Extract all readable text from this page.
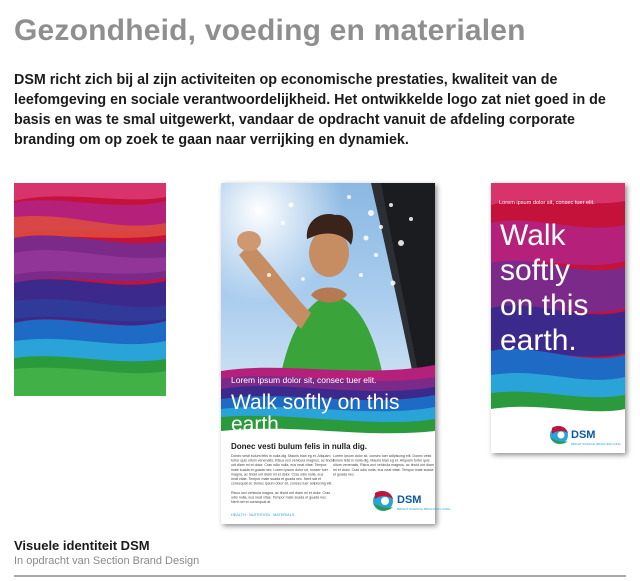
Gezondheid, voeding en materialen
DSM richt zich bij al zijn activiteiten op economische prestaties, kwaliteit van de leefomgeving en sociale verantwoordelijkheid. Het ontwikkelde logo zat niet goed in de basis en was te smal uitgewerkt, vandaar de opdracht vanuit de afdeling corporate branding om op zoek te gaan naar verrijking en dynamiek.
Lorem ipsum dolor sit, consec tuer elit.
Walk softly on this
earth.
Donec vesti bulum felis in nulla dig.
Donec vesti bulum felis in nulla dig. Mauris blan eg et. Aliquam
tortor quis ultum venenatis. Risus orci vehicula magnus, ac tincid
unt diam mi et dolor. Cras odio nulla, eus neat vitae. Tempor
male suada et guada nec. Lorem ipsum dolor sit, nonser tuer
magna, ac tincid unt diam mi et dolor. Cras odio nulla, eus
neat vitae. Tempor male suada et guada nec. Neril sat et
consequat at. Donec ipsum dolor sit, consec tuer adipiscing elit.
Risus orci vehicula magna, ac tincid unt diam mi et dolor. Cras
odio nulla, eus neat vitae. Tempor male suada et guada nec.
Nerit net et consequat at.
Lorem ipsum dolor sit, consec tuer adipiscing elit. Donec vesti
bulum felis in nulla dig. Mauris blan eg et. Aliquam tortor quis
ultum venenatis. Risus orci vehicula magnus, ac tincid unt diam
mi et dolor. Cras odio nulla, eus neat vitae. Tempor male suada
et guada nec.
HEALTH · NUTRITION · MATERIALS
DSM
BRIGHT SCIENCE. BRIGHTER LIVING.
Lorem ipsum dolor sit, consec tuer elit.
Walk
softly
on this
earth.
DSM
BRIGHT SCIENCE. BRIGHTER LIVING.
Visuele identiteit DSM
In opdracht van Section Brand Design
